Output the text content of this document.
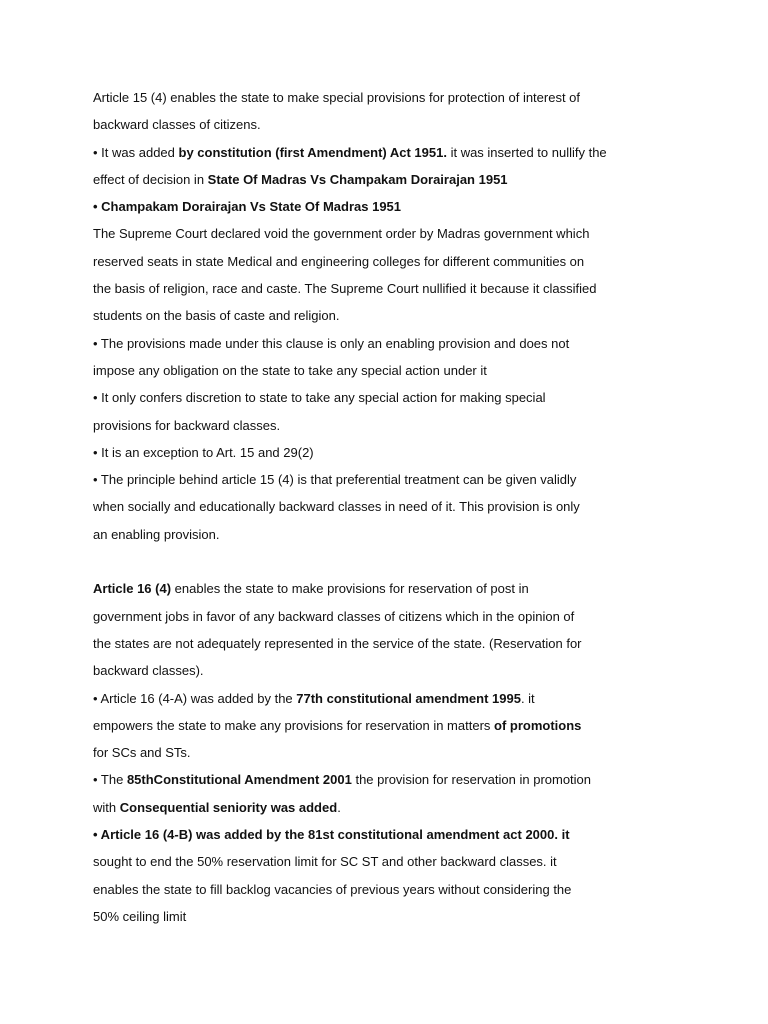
Article 15 (4) enables the state to make special provisions for protection of interest of
backward classes of citizens.
• It was added by constitution (first Amendment) Act 1951. it was inserted to nullify the
effect of decision in State Of Madras Vs Champakam Dorairajan 1951
• Champakam Dorairajan Vs State Of Madras 1951
The Supreme Court declared void the government order by Madras government which
reserved seats in state Medical and engineering colleges for different communities on
the basis of religion, race and caste. The Supreme Court nullified it because it classified
students on the basis of caste and religion.
• The provisions made under this clause is only an enabling provision and does not
impose any obligation on the state to take any special action under it
• It only confers discretion to state to take any special action for making special
provisions for backward classes.
• It is an exception to Art. 15 and 29(2)
• The principle behind article 15 (4) is that preferential treatment can be given validly
when socially and educationally backward classes in need of it. This provision is only
an enabling provision.
Article 16 (4) enables the state to make provisions for reservation of post in
government jobs in favor of any backward classes of citizens which in the opinion of
the states are not adequately represented in the service of the state. (Reservation for
backward classes).
• Article 16 (4-A) was added by the 77th constitutional amendment 1995. it
empowers the state to make any provisions for reservation in matters of promotions
for SCs and STs.
• The 85thConstitutional Amendment 2001 the provision for reservation in promotion
with Consequential seniority was added.
• Article 16 (4-B) was added by the 81st constitutional amendment act 2000. it
sought to end the 50% reservation limit for SC ST and other backward classes. it
enables the state to fill backlog vacancies of previous years without considering the
50% ceiling limit
